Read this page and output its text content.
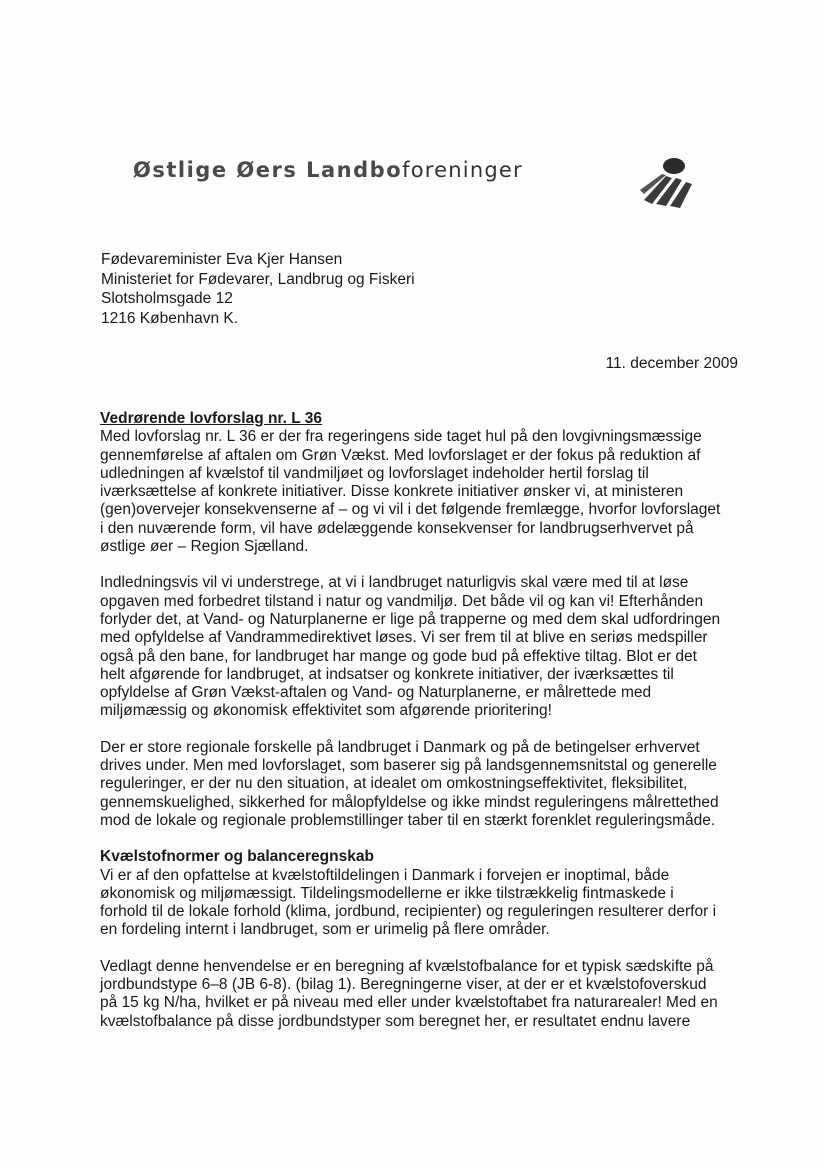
Østlige Øers Landboforeninger
Fødevareminister Eva Kjer Hansen
Ministeriet for Fødevarer, Landbrug og Fiskeri
Slotsholmsgade 12
1216 København K.
11. december 2009

Vedrørende lovforslag nr. L 36
Med lovforslag nr. L 36 er der fra regeringens side taget hul på den lovgivningsmæssige
gennemførelse af aftalen om Grøn Vækst. Med lovforslaget er der fokus på reduktion af
udledningen af kvælstof til vandmiljøet og lovforslaget indeholder hertil forslag til
iværksættelse af konkrete initiativer. Disse konkrete initiativer ønsker vi, at ministeren
(gen)overvejer konsekvenserne af – og vi vil i det følgende fremlægge, hvorfor lovforslaget
i den nuværende form, vil have ødelæggende konsekvenser for landbrugserhvervet på
østlige øer – Region Sjælland.

Indledningsvis vil vi understrege, at vi i landbruget naturligvis skal være med til at løse
opgaven med forbedret tilstand i natur og vandmiljø. Det både vil og kan vi! Efterhånden
forlyder det, at Vand- og Naturplanerne er lige på trapperne og med dem skal udfordringen
med opfyldelse af Vandrammedirektivet løses. Vi ser frem til at blive en seriøs medspiller
også på den bane, for landbruget har mange og gode bud på effektive tiltag. Blot er det
helt afgørende for landbruget, at indsatser og konkrete initiativer, der iværksættes til
opfyldelse af Grøn Vækst-aftalen og Vand- og Naturplanerne, er målrettede med
miljømæssig og økonomisk effektivitet som afgørende prioritering!

Der er store regionale forskelle på landbruget i Danmark og på de betingelser erhvervet
drives under. Men med lovforslaget, som baserer sig på landsgennemsnitstal og generelle
reguleringer, er der nu den situation, at idealet om omkostningseffektivitet, fleksibilitet,
gennemskuelighed, sikkerhed for målopfyldelse og ikke mindst reguleringens målrettethed
mod de lokale og regionale problemstillinger taber til en stærkt forenklet reguleringsmåde.

Kvælstofnormer og balanceregnskab
Vi er af den opfattelse at kvælstoftildelingen i Danmark i forvejen er inoptimal, både
økonomisk og miljømæssigt. Tildelingsmodellerne er ikke tilstrækkelig fintmaskede i
forhold til de lokale forhold (klima, jordbund, recipienter) og reguleringen resulterer derfor i
en fordeling internt i landbruget, som er urimelig på flere områder.

Vedlagt denne henvendelse er en beregning af kvælstofbalance for et typisk sædskifte på
jordbundstype 6–8 (JB 6-8). (bilag 1). Beregningerne viser, at der er et kvælstofoverskud
på 15 kg N/ha, hvilket er på niveau med eller under kvælstoftabet fra naturarealer! Med en
kvælstofbalance på disse jordbundstyper som beregnet her, er resultatet endnu lavere
